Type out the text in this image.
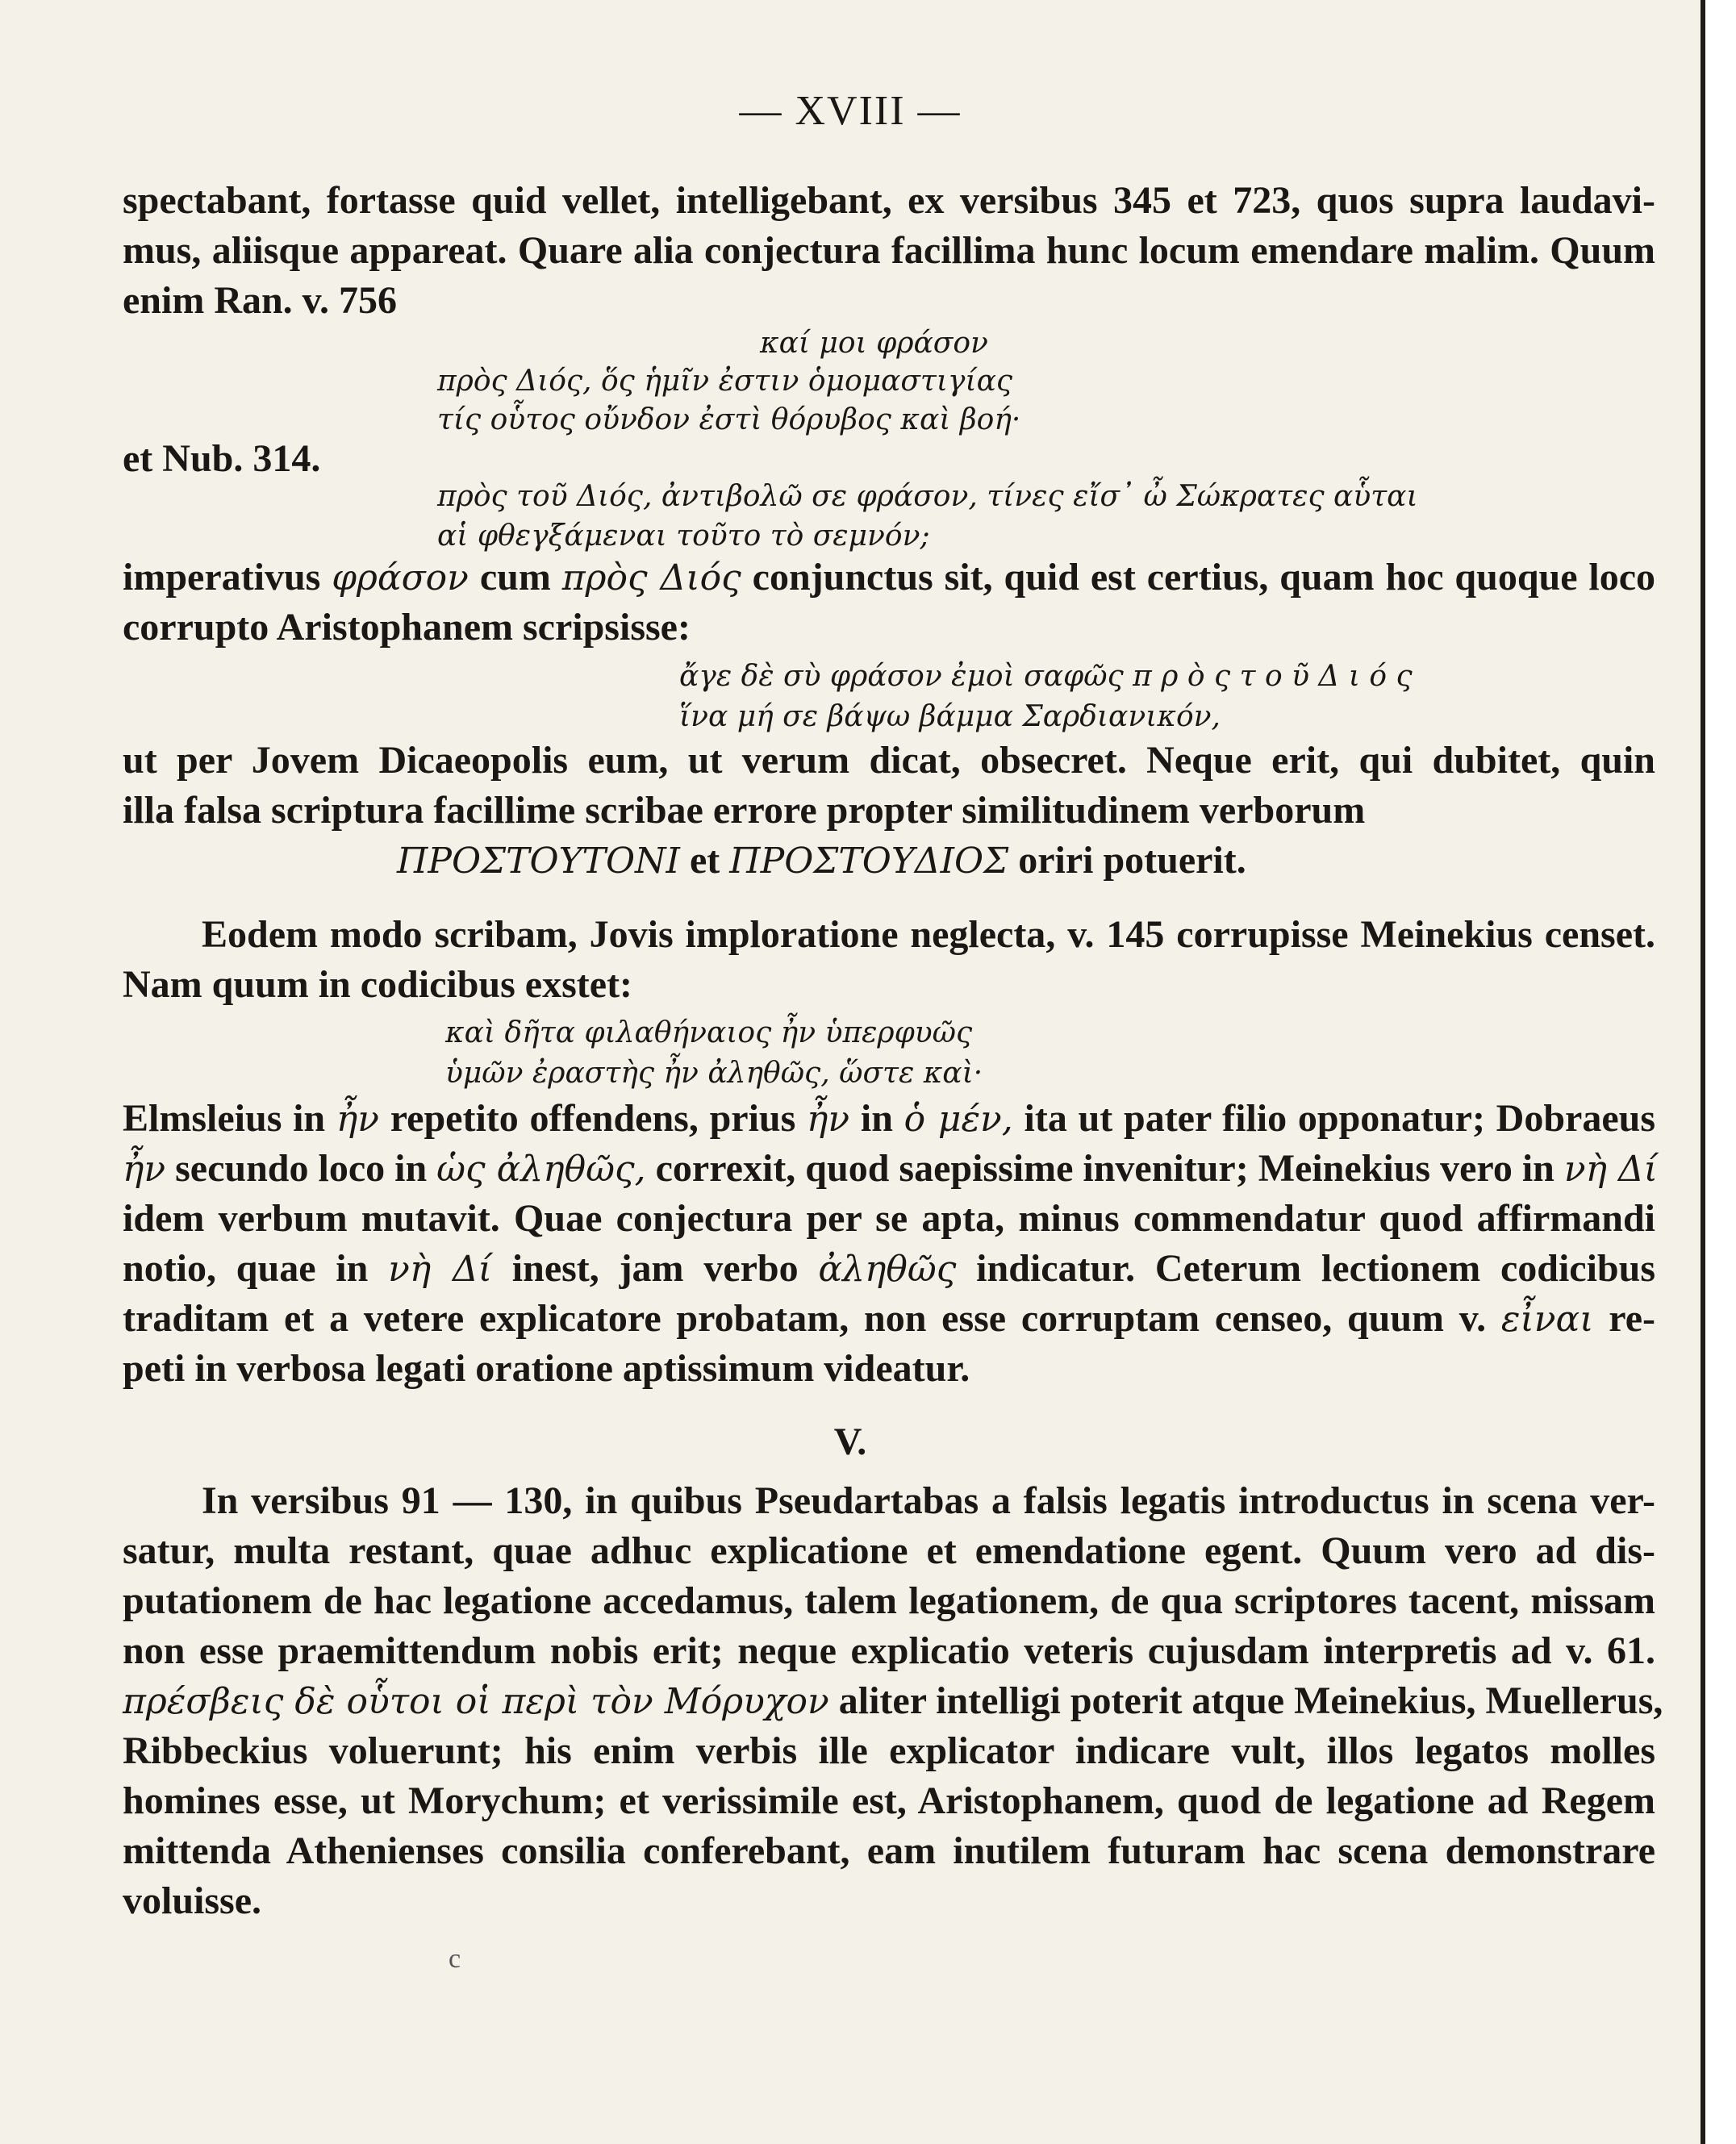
— XVIII —
spectabant, fortasse quid vellet, intelligebant, ex versibus 345 et 723, quos supra laudavi-
mus, aliisque appareat. Quare alia conjectura facillima hunc locum emendare malim. Quum
enim Ran. v. 756
καί μοι φράσον
πρὸς Διός, ὅς ἡμῖν ἐστιν ὁμομαστιγίας
τίς οὗτος οὔνδον ἐστὶ θόρυβος καὶ βοή·
et Nub. 314.
πρὸς τοῦ Διός, ἀντιβολῶ σε φράσον, τίνες εἴσ᾽ ὦ Σώκρατες αὗται
αἱ φθεγξάμεναι τοῦτο τὸ σεμνόν;
imperativus φράσον cum πρὸς Διός conjunctus sit, quid est certius, quam hoc quoque loco
corrupto Aristophanem scripsisse:
ἄγε δὲ σὺ φράσον ἐμοὶ σαφῶς π ρ ὸ ς τ ο ῦ Δ ι ό ς
ἵνα μή σε βάψω βάμμα Σαρδιανικόν,
ut per Jovem Dicaeopolis eum, ut verum dicat, obsecret. Neque erit, qui dubitet, quin
illa falsa scriptura facillime scribae errore propter similitudinem verborum
ΠΡΟΣΤΟΥΤΟΝΙ et ΠΡΟΣΤΟΥΔΙΟΣ oriri potuerit.
Eodem modo scribam, Jovis imploratione neglecta, v. 145 corrupisse Meinekius censet.
Nam quum in codicibus exstet:
καὶ δῆτα φιλαθήναιος ἦν ὑπερφυῶς
ὑμῶν ἐραστὴς ἦν ἀληθῶς, ὥστε καὶ·
Elmsleius in ἦν repetito offendens, prius ἦν in ὁ μέν, ita ut pater filio opponatur; Dobraeus
ἦν secundo loco in ὡς ἀληθῶς, correxit, quod saepissime invenitur; Meinekius vero in νὴ Δί
idem verbum mutavit. Quae conjectura per se apta, minus commendatur quod affirmandi
notio, quae in νὴ Δί inest, jam verbo ἀληθῶς indicatur. Ceterum lectionem codicibus
traditam et a vetere explicatore probatam, non esse corruptam censeo, quum v. εἶναι re-
peti in verbosa legati oratione aptissimum videatur.
V.
In versibus 91 — 130, in quibus Pseudartabas a falsis legatis introductus in scena ver-
satur, multa restant, quae adhuc explicatione et emendatione egent. Quum vero ad dis-
putationem de hac legatione accedamus, talem legationem, de qua scriptores tacent, missam
non esse praemittendum nobis erit; neque explicatio veteris cujusdam interpretis ad v. 61.
πρέσβεις δὲ οὗτοι οἱ περὶ τὸν Μόρυχον aliter intelligi poterit atque Meinekius, Muellerus,
Ribbeckius voluerunt; his enim verbis ille explicator indicare vult, illos legatos molles
homines esse, ut Morychum; et verissimile est, Aristophanem, quod de legatione ad Regem
mittenda Athenienses consilia conferebant, eam inutilem futuram hac scena demonstrare
voluisse.
c
